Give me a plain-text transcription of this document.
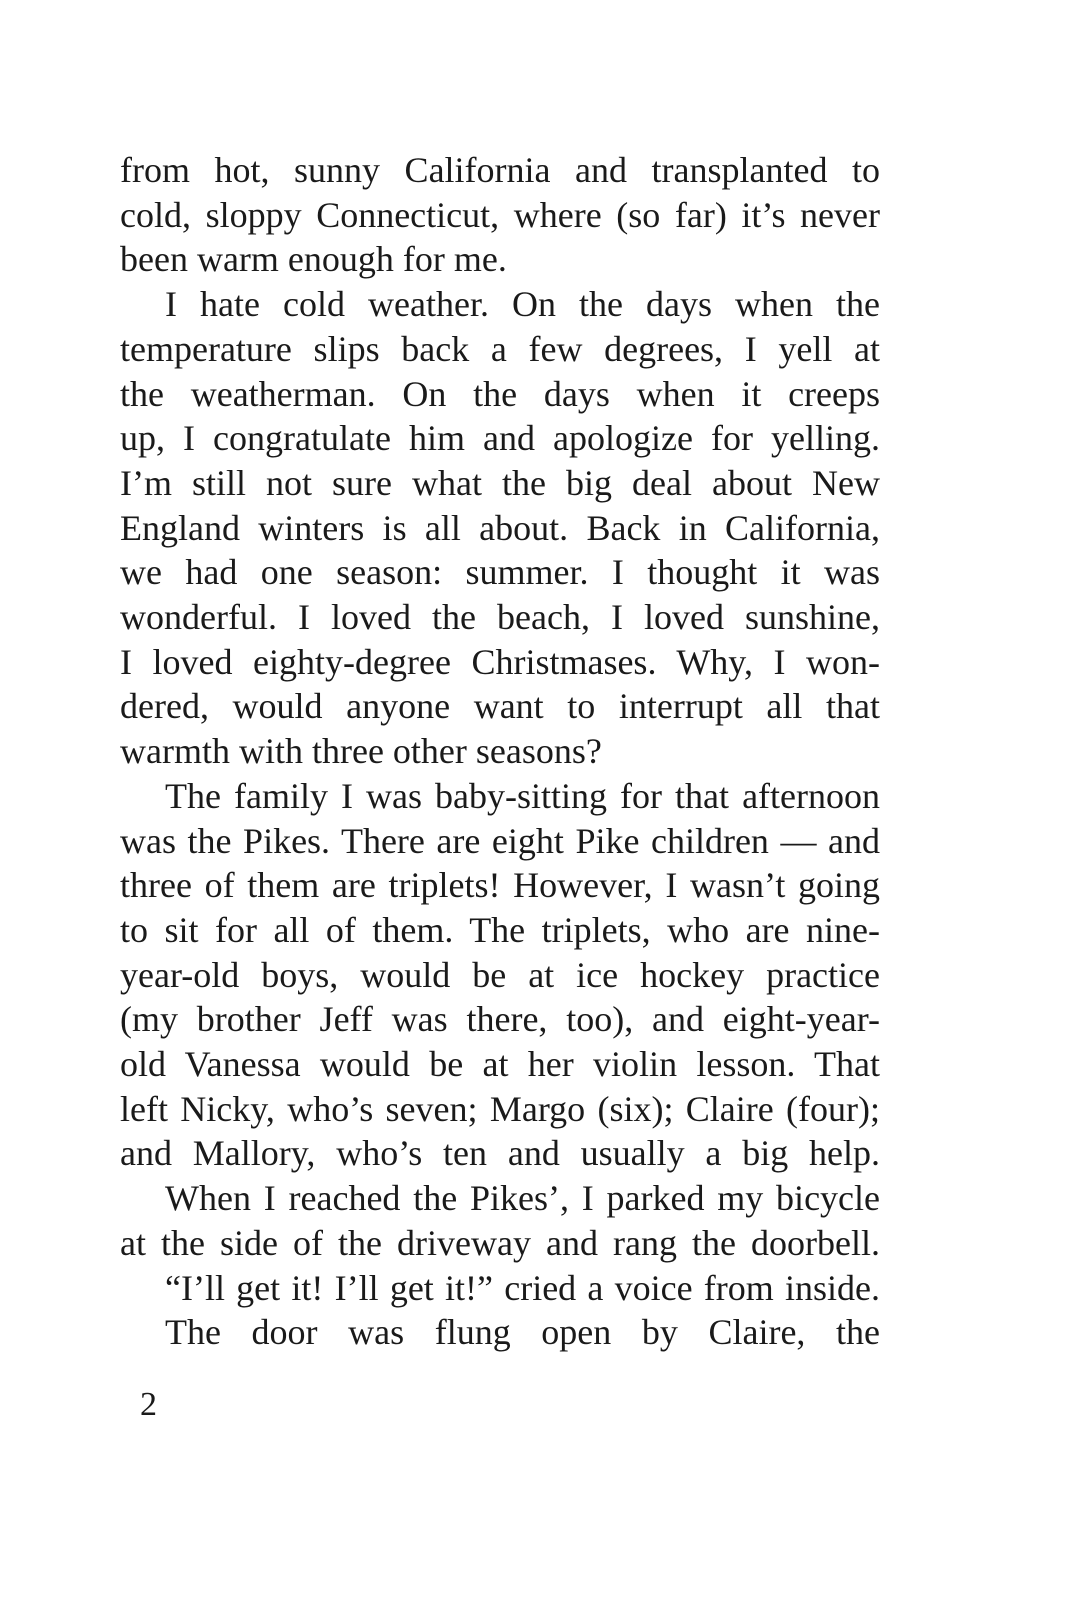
from hot, sunny California and transplanted to
cold, sloppy Connecticut, where (so far) it’s never
been warm enough for me.

I hate cold weather. On the days when the
temperature slips back a few degrees, I yell at
the weatherman. On the days when it creeps
up, I congratulate him and apologize for yelling.
I’m still not sure what the big deal about New
England winters is all about. Back in California,
we had one season: summer. I thought it was
wonderful. I loved the beach, I loved sunshine,
I loved eighty-degree Christmases. Why, I won-
dered, would anyone want to interrupt all that
warmth with three other seasons?

The family I was baby-sitting for that afternoon
was the Pikes. There are eight Pike children — and
three of them are triplets! However, I wasn’t going
to sit for all of them. The triplets, who are nine-
year-old boys, would be at ice hockey practice
(my brother Jeff was there, too), and eight-year-
old Vanessa would be at her violin lesson. That
left Nicky, who’s seven; Margo (six); Claire (four);
and Mallory, who’s ten and usually a big help.

When I reached the Pikes’, I parked my bicycle
at the side of the driveway and rang the doorbell.

“I’ll get it! I’ll get it!” cried a voice from inside.

The door was flung open by Claire, the

2
